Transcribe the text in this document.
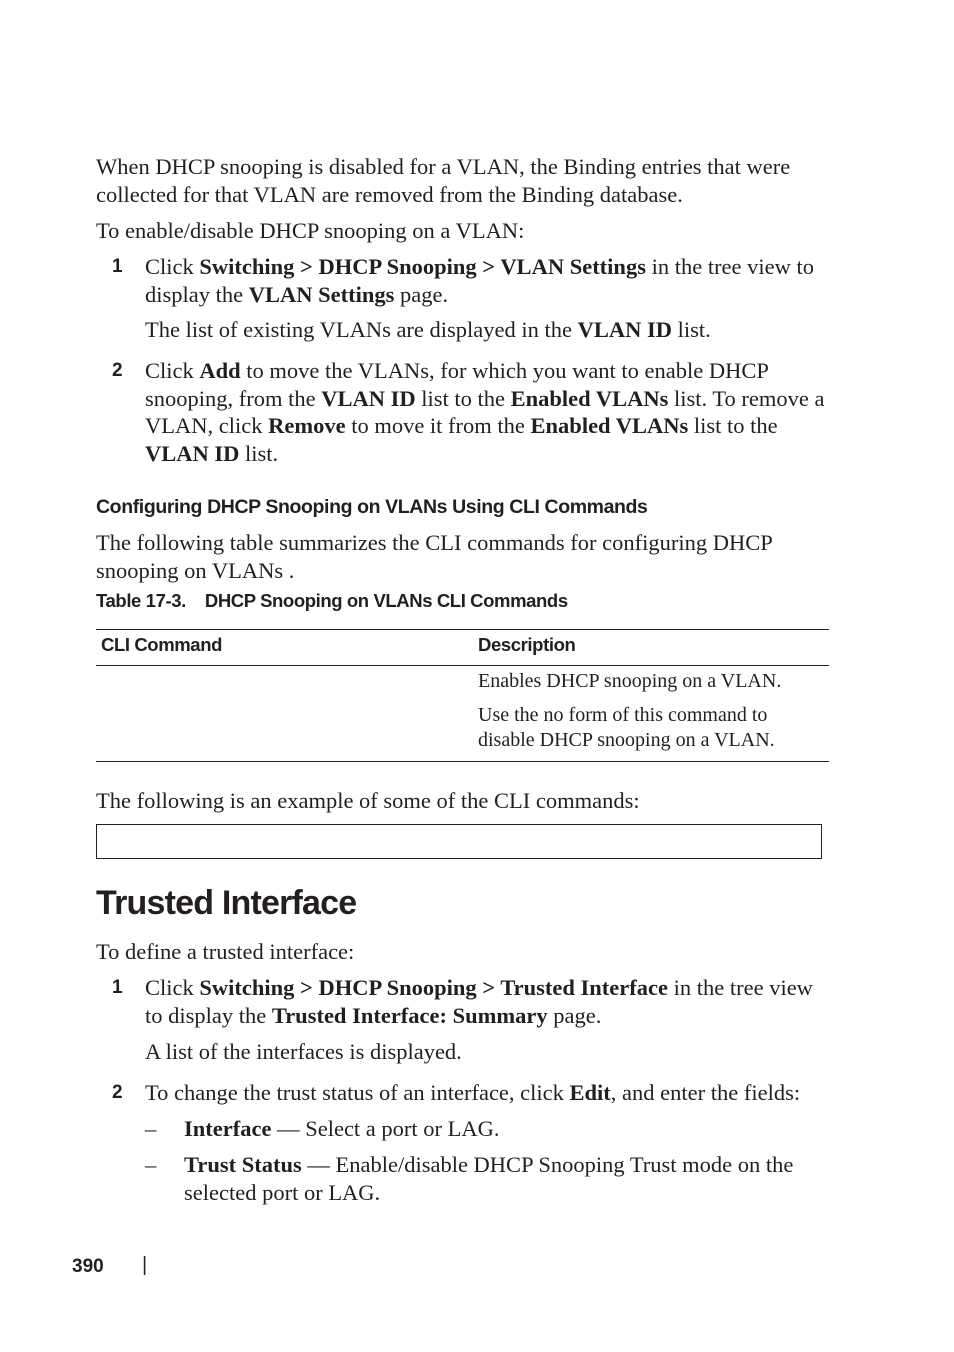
When DHCP snooping is disabled for a VLAN, the Binding entries that were
collected for that VLAN are removed from the Binding database.
To enable/disable DHCP snooping on a VLAN:
1 Click Switching > DHCP Snooping > VLAN Settings in the tree view to
display the VLAN Settings page.
The list of existing VLANs are displayed in the VLAN ID list.
2 Click Add to move the VLANs, for which you want to enable DHCP
snooping, from the VLAN ID list to the Enabled VLANs list. To remove a
VLAN, click Remove to move it from the Enabled VLANs list to the
VLAN ID list.
Configuring DHCP Snooping on VLANs Using CLI Commands
The following table summarizes the CLI commands for configuring DHCP
snooping on VLANs .
Table 17-3. DHCP Snooping on VLANs CLI Commands
CLI Command	Description
Enables DHCP snooping on a VLAN.
Use the no form of this command to
disable DHCP snooping on a VLAN.
The following is an example of some of the CLI commands:
Trusted Interface
To define a trusted interface:
1 Click Switching > DHCP Snooping > Trusted Interface in the tree view
to display the Trusted Interface: Summary page.
A list of the interfaces is displayed.
2 To change the trust status of an interface, click Edit, and enter the fields:
– Interface — Select a port or LAG.
– Trust Status — Enable/disable DHCP Snooping Trust mode on the
selected port or LAG.
390 |
